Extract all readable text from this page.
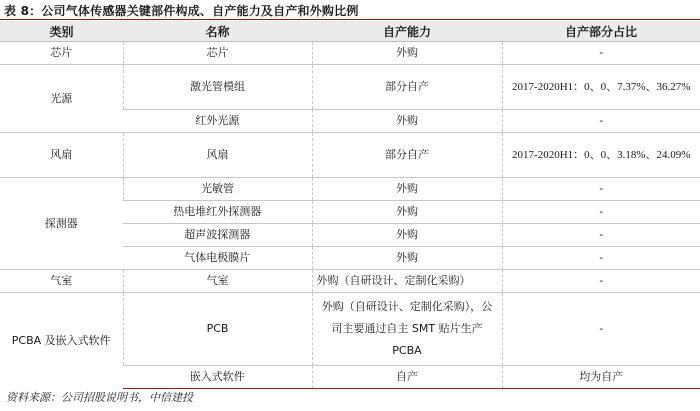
表 8：公司气体传感器关键部件构成、自产能力及自产和外购比例
类别	名称	自产能力	自产部分占比
芯片	芯片	外购	-
光源	激光管模组	部分自产	2017-2020H1：0、0、7.37%、36.27%
	红外光源	外购	-
风扇	风扇	部分自产	2017-2020H1：0、0、3.18%、24.09%
探测器	光敏管	外购	-
	热电堆红外探测器	外购	-
	超声波探测器	外购	-
	气体电极膜片	外购	-
气室	气室	外购（自研设计、定制化采购）	-
PCBA 及嵌入式软件	PCB	外购（自研设计、定制化采购），公司主要通过自主 SMT 贴片生产 PCBA	-
	嵌入式软件	自产	均为自产
资料来源：公司招股说明书，中信建投
